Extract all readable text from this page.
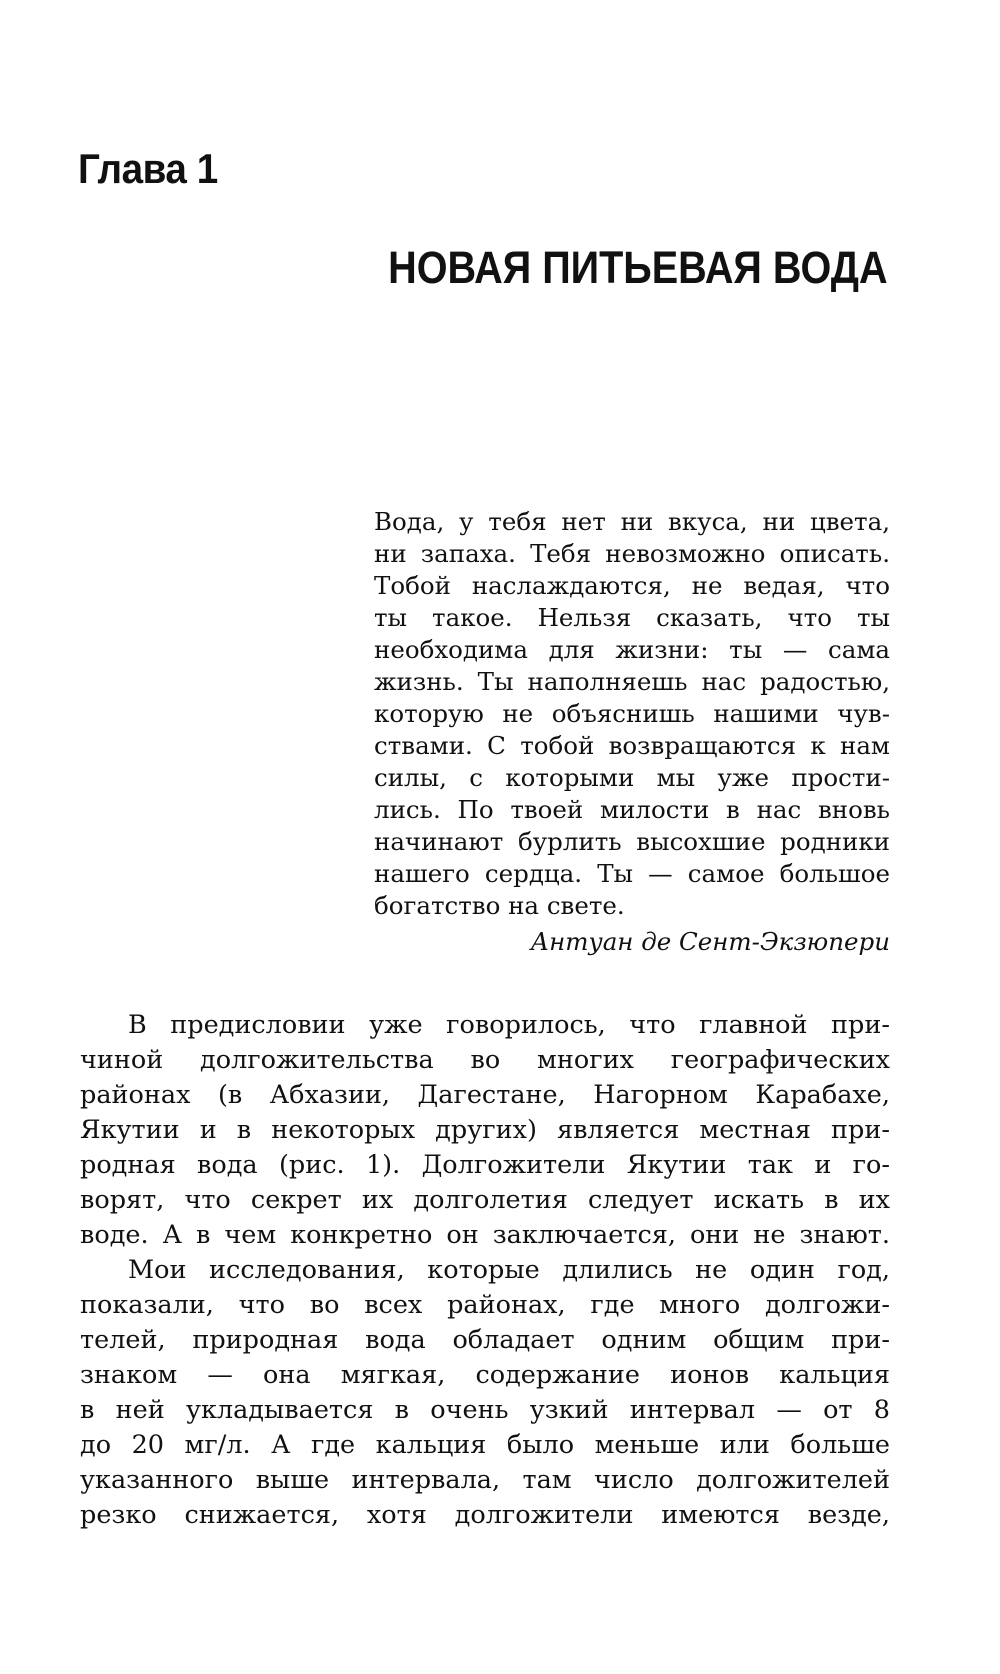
Глава 1
НОВАЯ ПИТЬЕВАЯ ВОДА
Вода, у тебя нет ни вкуса, ни цвета,
ни запаха. Тебя невозможно описать.
Тобой наслаждаются, не ведая, что
ты такое. Нельзя сказать, что ты
необходима для жизни: ты — сама
жизнь. Ты наполняешь нас радостью,
которую не объяснишь нашими чув-
ствами. С тобой возвращаются к нам
силы, с которыми мы уже прости-
лись. По твоей милости в нас вновь
начинают бурлить высохшие родники
нашего сердца. Ты — самое большое
богатство на свете.
Антуан де Сент-Экзюпери
В предисловии уже говорилось, что главной при-
чиной долгожительства во многих географических
районах (в Абхазии, Дагестане, Нагорном Карабахе,
Якутии и в некоторых других) является местная при-
родная вода (рис. 1). Долгожители Якутии так и го-
ворят, что секрет их долголетия следует искать в их
воде. А в чем конкретно он заключается, они не знают.
Мои исследования, которые длились не один год,
показали, что во всех районах, где много долгожи-
телей, природная вода обладает одним общим при-
знаком — она мягкая, содержание ионов кальция
в ней укладывается в очень узкий интервал — от 8
до 20 мг/л. А где кальция было меньше или больше
указанного выше интервала, там число долгожителей
резко снижается, хотя долгожители имеются везде,
